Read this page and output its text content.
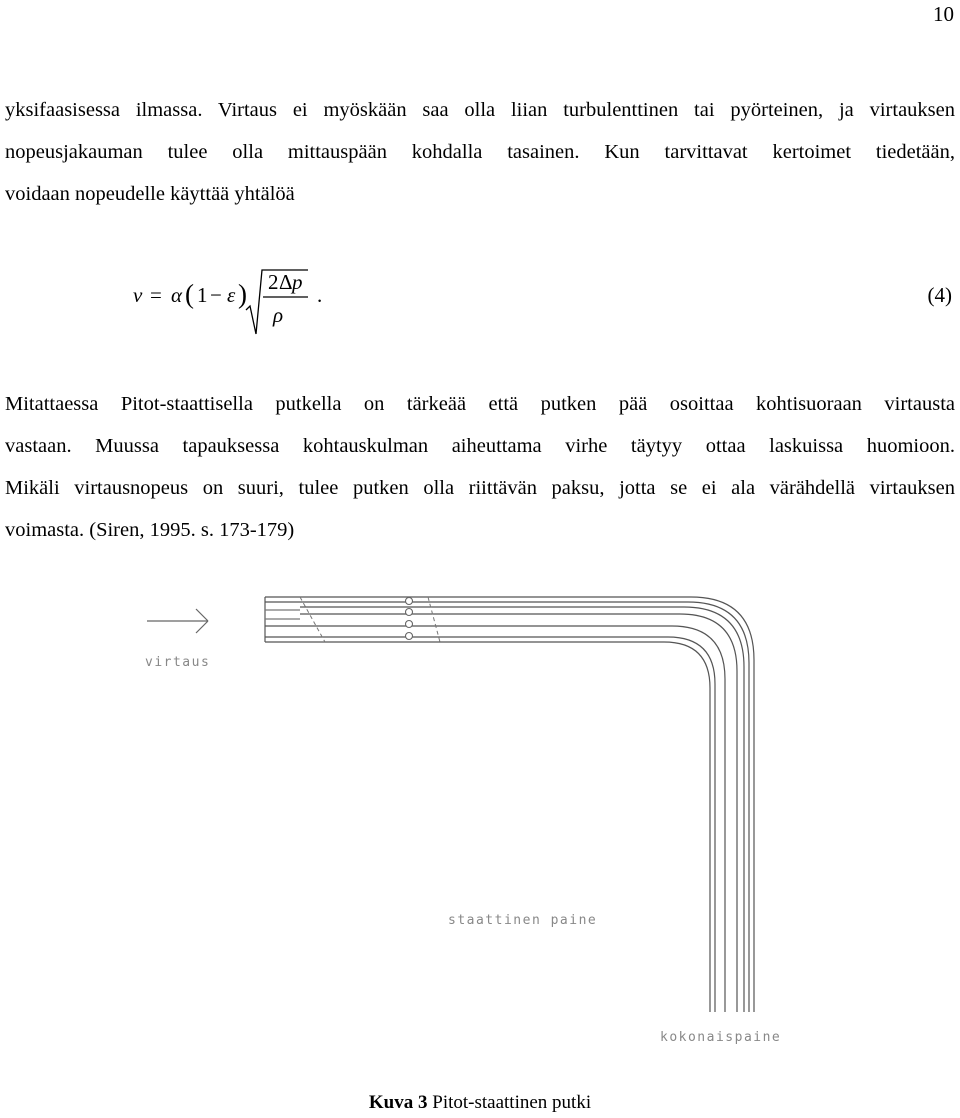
10

yksifaasisessa ilmassa. Virtaus ei myöskään saa olla liian turbulenttinen tai pyörteinen, ja virtauksen
nopeusjakauman tulee olla mittauspään kohdalla tasainen. Kun tarvittavat kertoimet tiedetään,
voidaan nopeudelle käyttää yhtälöä

v = α ( 1 − ε ) 2 Δ p
ρ
.	(4)

Mitattaessa Pitot-staattisella putkella on tärkeää että putken pää osoittaa kohtisuoraan virtausta
vastaan. Muussa tapauksessa kohtauskulman aiheuttama virhe täytyy ottaa laskuissa huomioon.
Mikäli virtausnopeus on suuri, tulee putken olla riittävän paksu, jotta se ei ala värähdellä virtauksen
voimasta. (Siren, 1995. s. 173-179)

virtaus
staattinen paine
kokonaispaine
Kuva 3 Pitot-staattinen putki
